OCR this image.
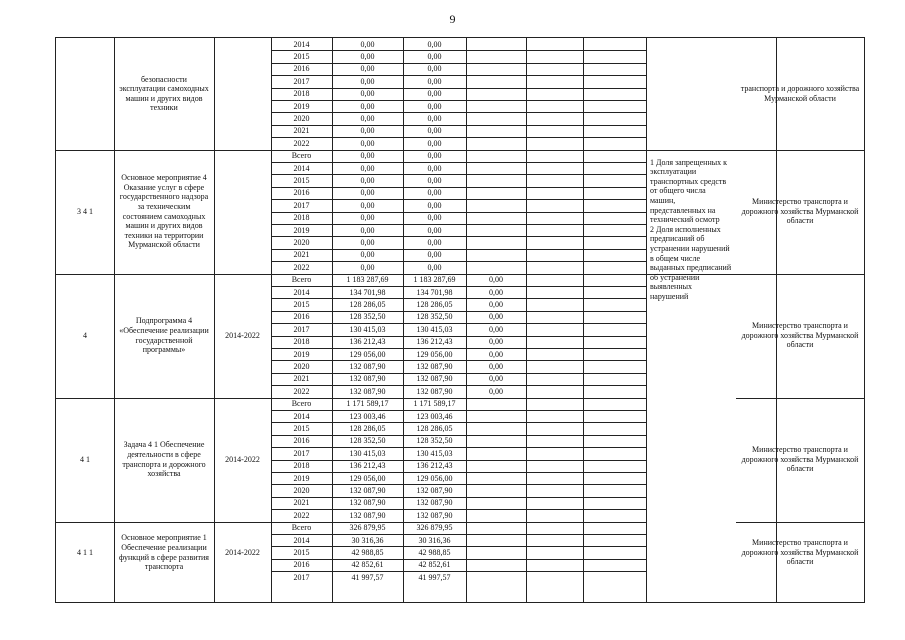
9
безопасности эксплуатации самоходных машин и других видов техники
транспорта и дорожного хозяйства Мурманской области
2014	0,00	0,00
2015	0,00	0,00
2016	0,00	0,00
2017	0,00	0,00
2018	0,00	0,00
2019	0,00	0,00
2020	0,00	0,00
2021	0,00	0,00
2022	0,00	0,00
3 4 1
Основное мероприятие 4 Оказание услуг в сфере государственного надзора за техническим состоянием самоходных машин и других видов техники на территории Мурманской области
Министерство транспорта и дорожного хозяйства Мурманской области
Всего	0,00	0,00
2014	0,00	0,00
2015	0,00	0,00
2016	0,00	0,00
2017	0,00	0,00
2018	0,00	0,00
2019	0,00	0,00
2020	0,00	0,00
2021	0,00	0,00
2022	0,00	0,00
4
Подпрограмма 4 «Обеспечение реализации государственной программы»
2014-2022
Министерство транспорта и дорожного хозяйства Мурманской области
Всего	1 183 287,69	1 183 287,69	0,00
2014	134 701,98	134 701,98	0,00
2015	128 286,05	128 286,05	0,00
2016	128 352,50	128 352,50	0,00
2017	130 415,03	130 415,03	0,00
2018	136 212,43	136 212,43	0,00
2019	129 056,00	129 056,00	0,00
2020	132 087,90	132 087,90	0,00
2021	132 087,90	132 087,90	0,00
2022	132 087,90	132 087,90	0,00
4 1
Задача 4 1 Обеспечение деятельности в сфере транспорта и дорожного хозяйства
2014-2022
Министерство транспорта и дорожного хозяйства Мурманской области
Всего	1 171 589,17	1 171 589,17
2014	123 003,46	123 003,46
2015	128 286,05	128 286,05
2016	128 352,50	128 352,50
2017	130 415,03	130 415,03
2018	136 212,43	136 212,43
2019	129 056,00	129 056,00
2020	132 087,90	132 087,90
2021	132 087,90	132 087,90
2022	132 087,90	132 087,90
4 1 1
Основное мероприятие 1 Обеспечение реализации функций в сфере развития транспорта
2014-2022
Министерство транспорта и дорожного хозяйства Мурманской области
Всего	326 879,95	326 879,95
2014	30 316,36	30 316,36
2015	42 988,85	42 988,85
2016	42 852,61	42 852,61
2017	41 997,57	41 997,57
1 Доля запрещенных к эксплуатации транспортных средств от общего числа машин, представленных на технический осмотр
2 Доля исполненных предписаний об устранении нарушений в общем числе выданных предписаний об устранении выявленных нарушений
